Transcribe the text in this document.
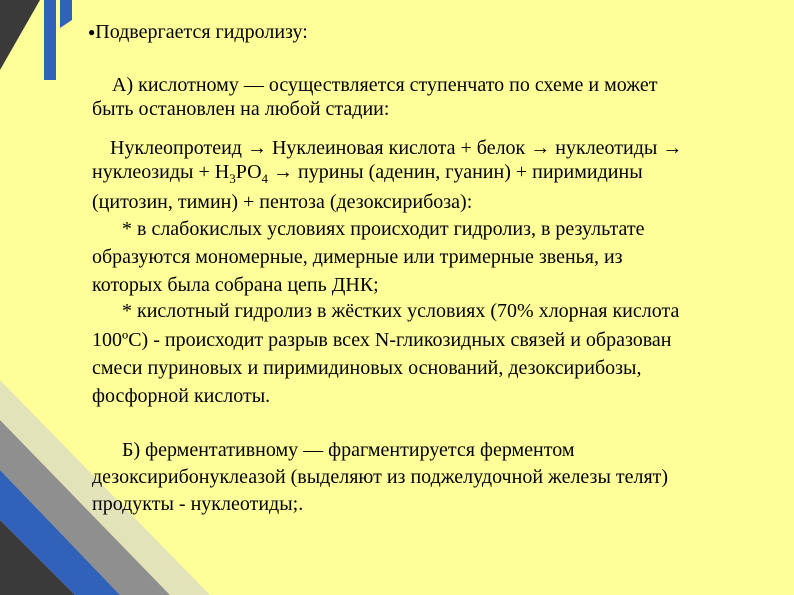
●Подвергается гидролизу:
А) кислотному — осуществляется ступенчато по схеме и может
быть остановлен на любой стадии:
Нуклеопротеид → Нуклеиновая кислота + белок → нуклеотиды →
нуклеозиды + $Н_3РО_4$ → пурины (аденин, гуанин) + пиримидины
(цитозин, тимин) + пентоза (дезоксирибоза):
* в слабокислых условиях происходит гидролиз, в результате
образуются мономерные, димерные или тримерные звенья, из
которых была собрана цепь ДНК;
* кислотный гидролиз в жёстких условиях (70% хлорная кислота
100ºС) - происходит разрыв всех N-гликозидных связей и образован
смеси пуриновых и пиримидиновых оснований, дезоксирибозы,
фосфорной кислоты.
Б) ферментативному — фрагментируется ферментом
дезоксирибонуклеазой (выделяют из поджелудочной железы телят)
продукты - нуклеотиды;.
